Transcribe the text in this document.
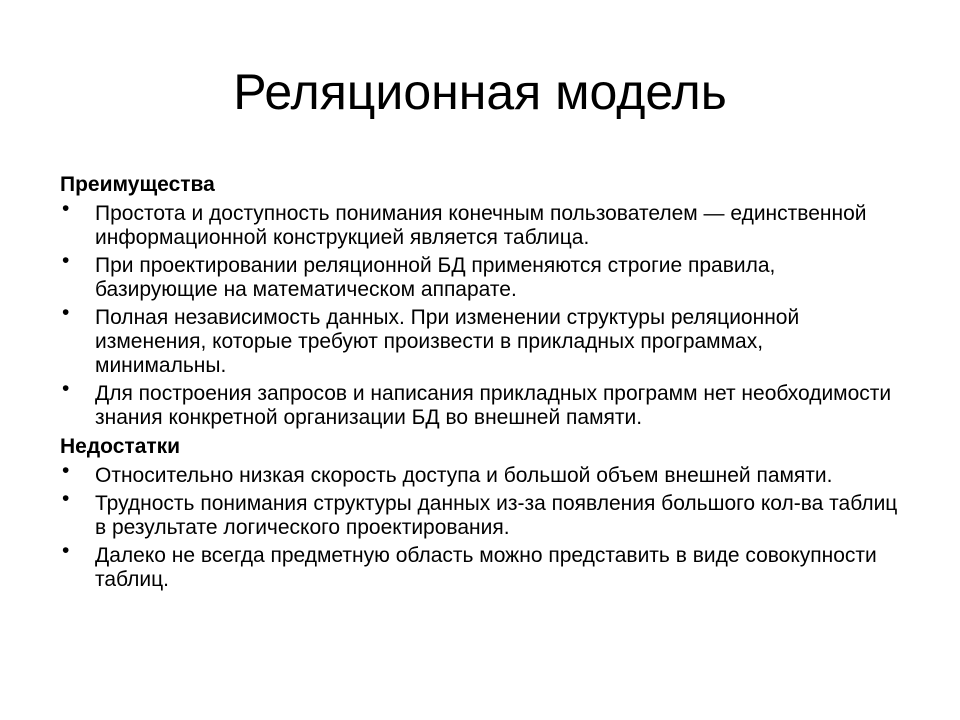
Реляционная модель
Преимущества
• Простота и доступность понимания конечным пользователем — единственной информационной конструкцией является таблица.
• При проектировании реляционной БД применяются строгие правила, базирующие на математическом аппарате.
• Полная независимость данных. При изменении структуры реляционной изменения, которые требуют произвести в прикладных программах, минимальны.
• Для построения запросов и написания прикладных программ нет необходимости знания конкретной организации БД во внешней памяти.
Недостатки
• Относительно низкая скорость доступа и большой объем внешней памяти.
• Трудность понимания структуры данных из-за появления большого кол-ва таблиц в результате логического проектирования.
• Далеко не всегда предметную область можно представить в виде совокупности таблиц.
